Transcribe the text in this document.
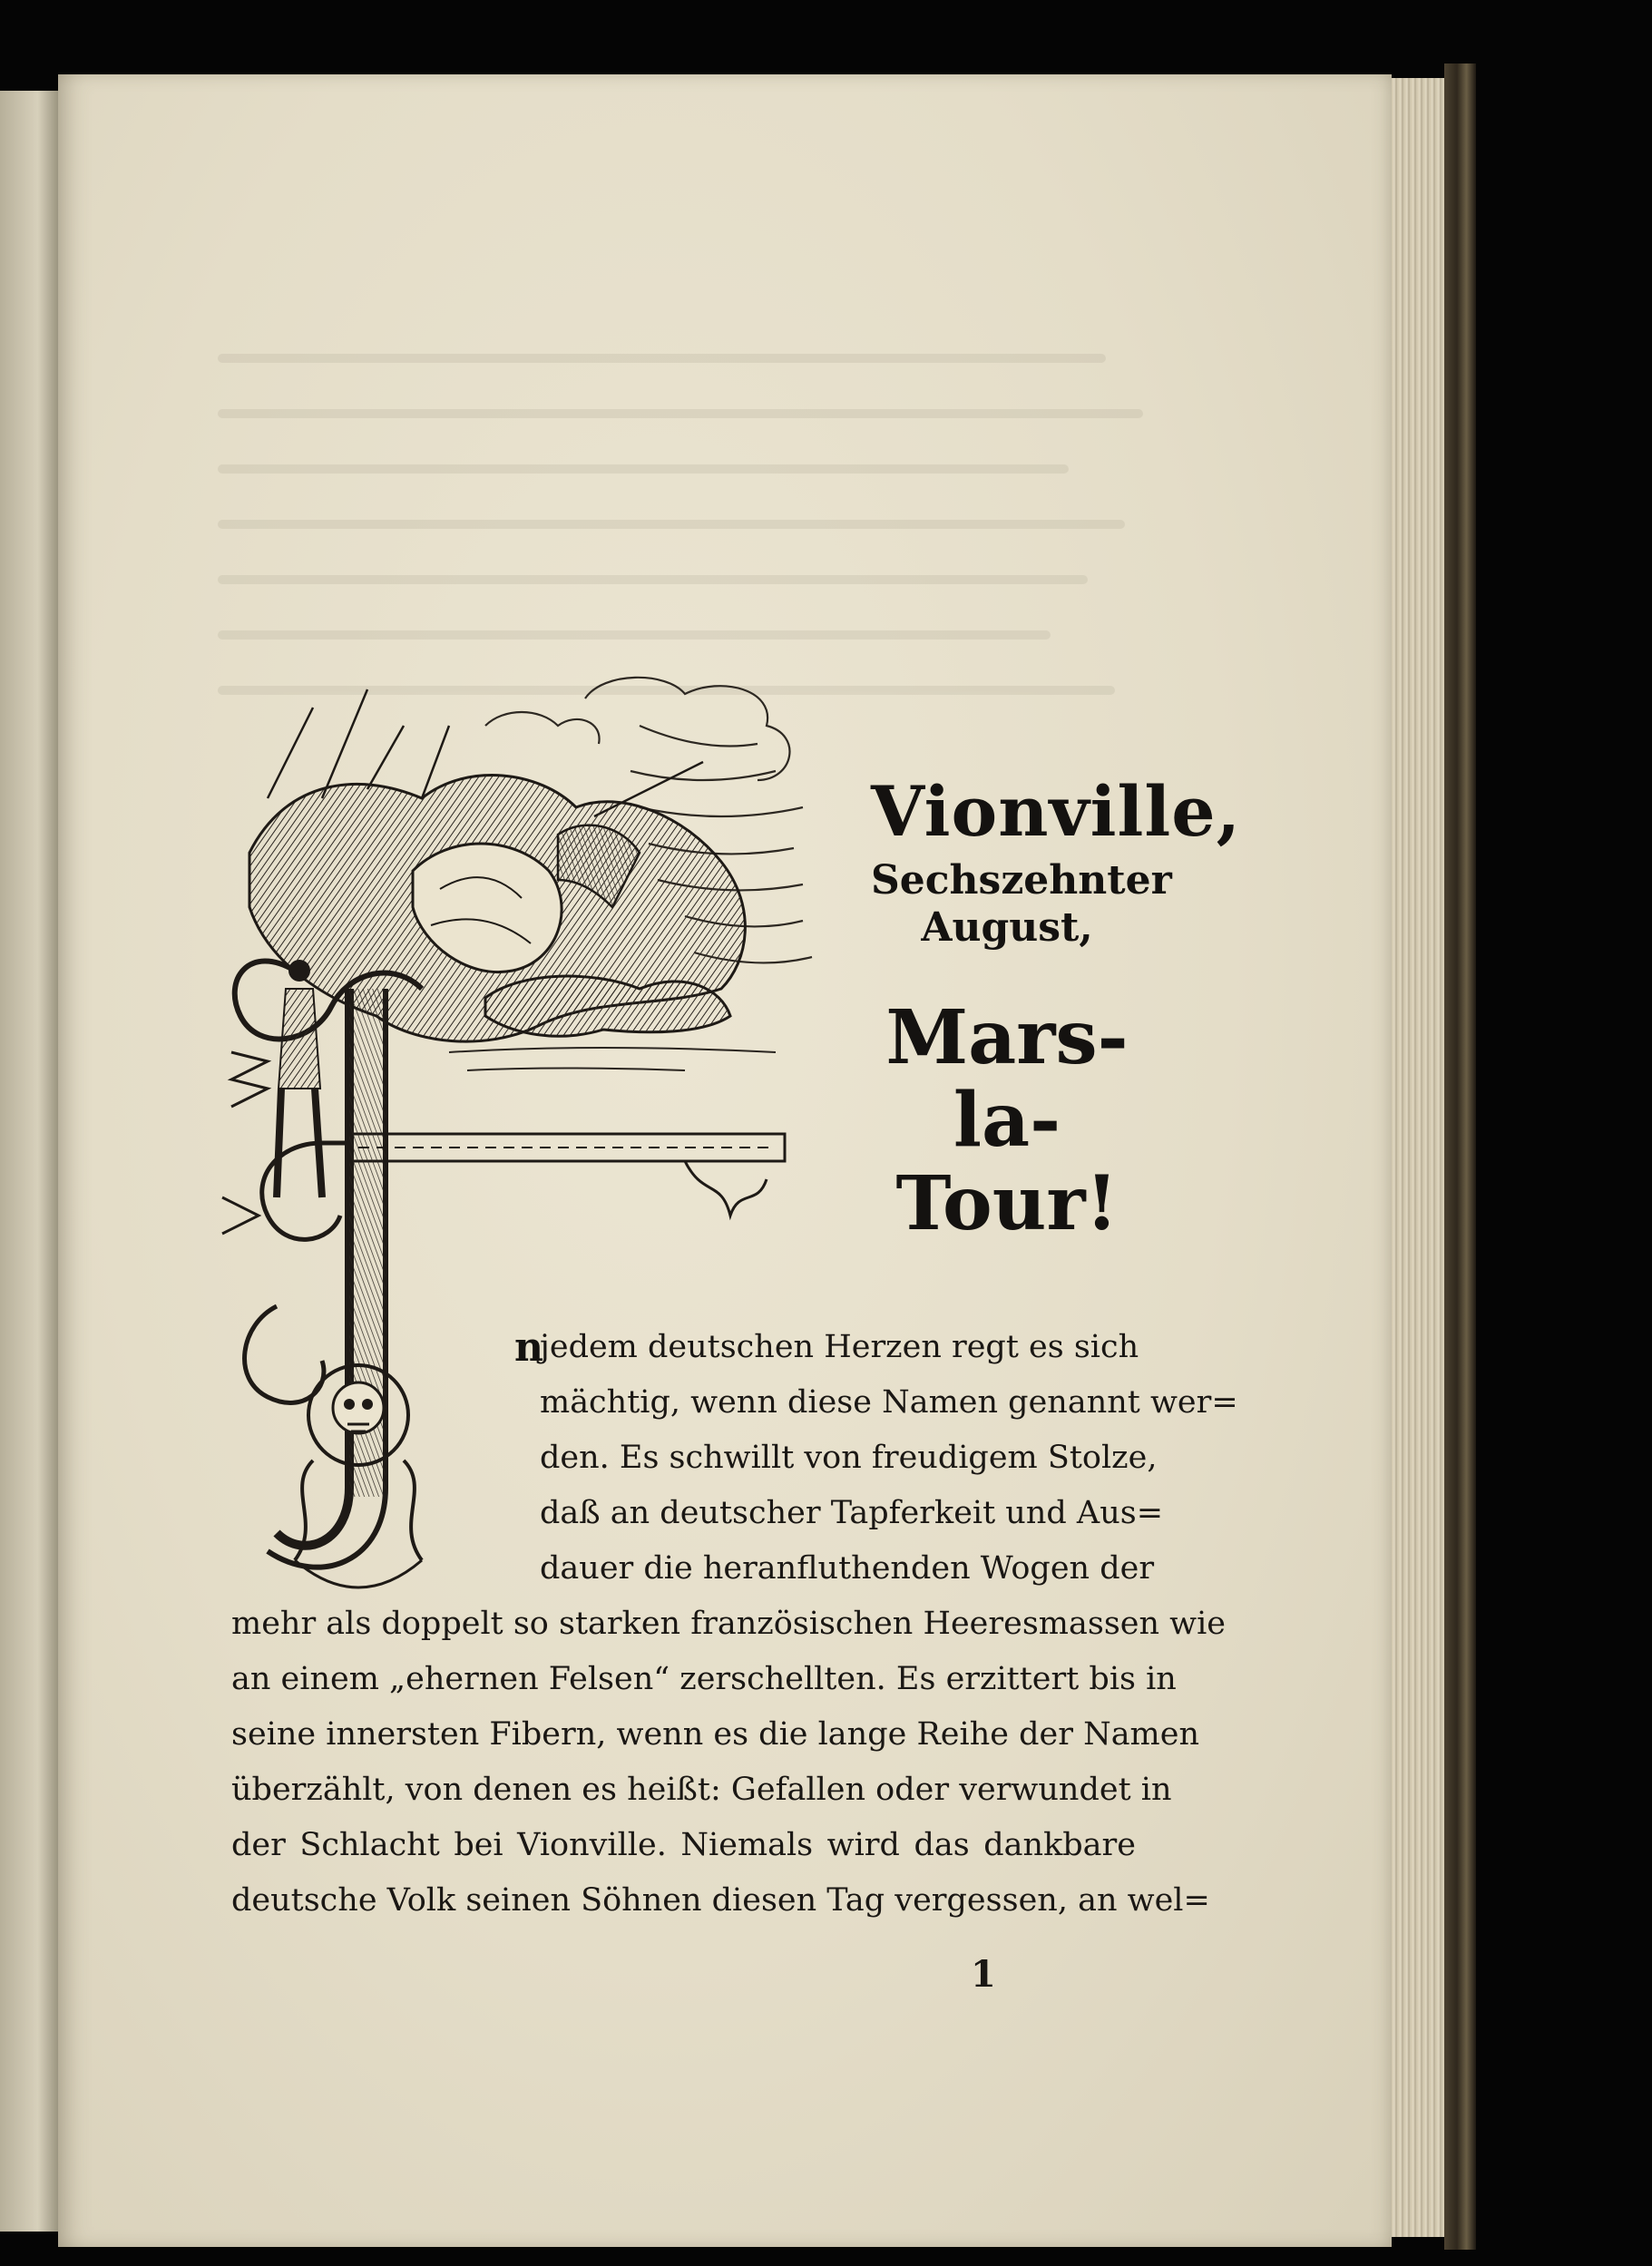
Vionville,

Sechszehnter

August,

Mars-

la-Tour!

n
jedem deutschen Herzen regt es sich
mächtig, wenn diese Namen genannt wer=
den. Es schwillt von freudigem Stolze,
daß an deutscher Tapferkeit und Aus=
dauer die heranfluthenden Wogen der
mehr als doppelt so starken französischen Heeresmassen wie
an einem „ehernen Felsen“ zerschellten. Es erzittert bis in
seine innersten Fibern, wenn es die lange Reihe der Namen
überzählt, von denen es heißt: Gefallen oder verwundet in
der Schlacht bei Vionville. Niemals wird das dankbare
deutsche Volk seinen Söhnen diesen Tag vergessen, an wel=
1
